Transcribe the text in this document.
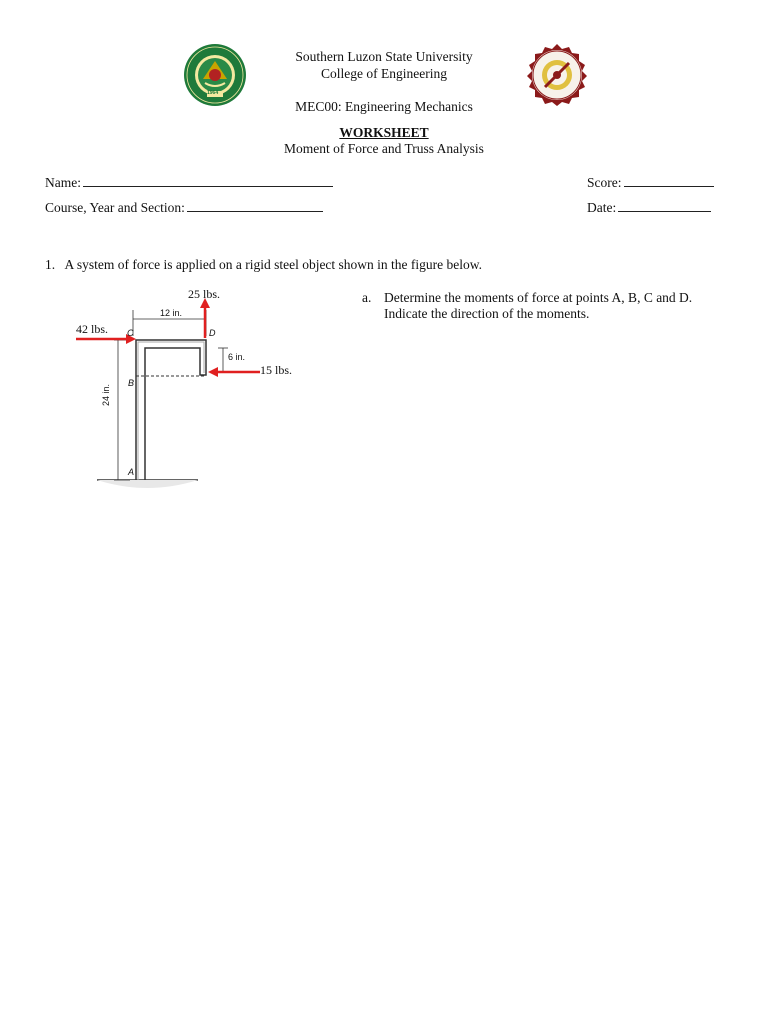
1964
Southern Luzon State University
College of Engineering
MEC00: Engineering Mechanics
WORKSHEET
Moment of Force and Truss Analysis
Name:	Score:
Course, Year and Section:	Date:
1. A system of force is applied on a rigid steel object shown in the figure below.
a. Determine the moments of force at points A, B, C and D.
Indicate the direction of the moments.
25 lbs.
42 lbs.
15 lbs.
12 in.
6 in.
24 in.
A
B
C	D
